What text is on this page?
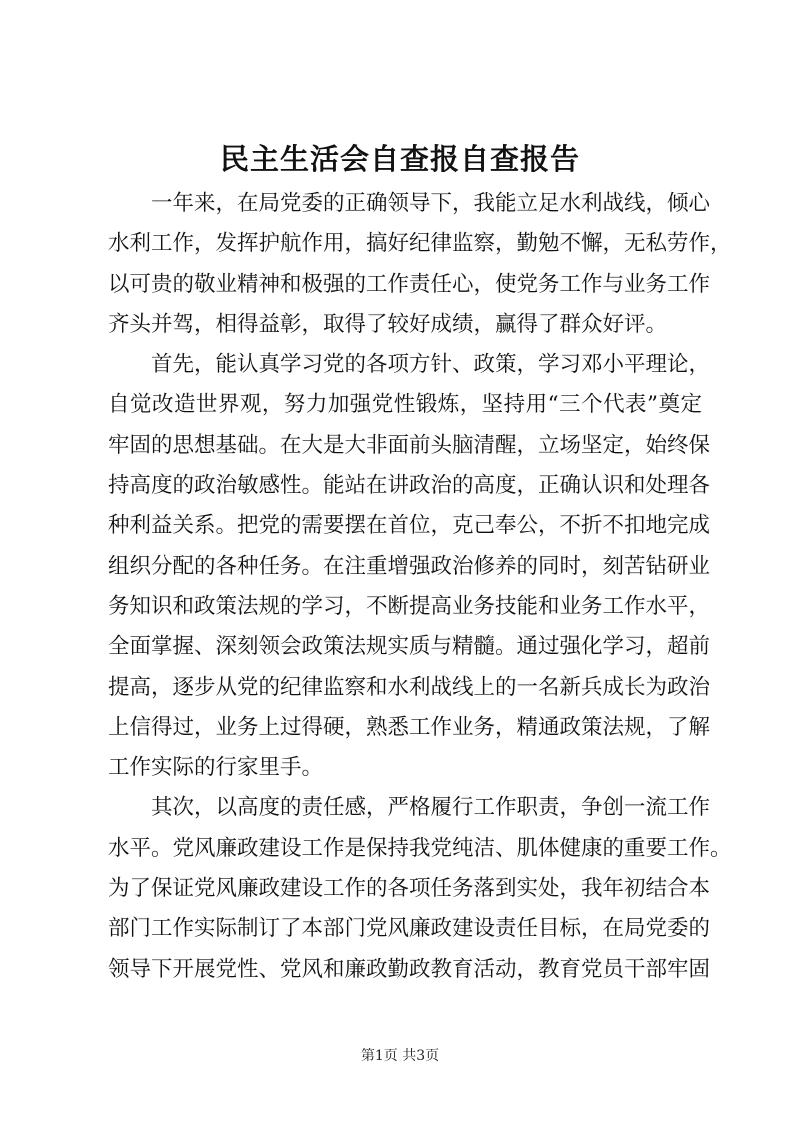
民主生活会自查报自查报告

一年来，在局党委的正确领导下，我能立足水利战线，倾心
水利工作，发挥护航作用，搞好纪律监察，勤勉不懈，无私劳作，
以可贵的敬业精神和极强的工作责任心，使党务工作与业务工作
齐头并驾，相得益彰，取得了较好成绩，赢得了群众好评。

首先，能认真学习党的各项方针、政策，学习邓小平理论，
自觉改造世界观，努力加强党性锻炼，坚持用“三个代表”奠定
牢固的思想基础。在大是大非面前头脑清醒，立场坚定，始终保
持高度的政治敏感性。能站在讲政治的高度，正确认识和处理各
种利益关系。把党的需要摆在首位，克己奉公，不折不扣地完成
组织分配的各种任务。在注重增强政治修养的同时，刻苦钻研业
务知识和政策法规的学习，不断提高业务技能和业务工作水平，
全面掌握、深刻领会政策法规实质与精髓。通过强化学习，超前
提高，逐步从党的纪律监察和水利战线上的一名新兵成长为政治
上信得过，业务上过得硬，熟悉工作业务，精通政策法规，了解
工作实际的行家里手。

其次，以高度的责任感，严格履行工作职责，争创一流工作
水平。党风廉政建设工作是保持我党纯洁、肌体健康的重要工作。
为了保证党风廉政建设工作的各项任务落到实处，我年初结合本
部门工作实际制订了本部门党风廉政建设责任目标，在局党委的
领导下开展党性、党风和廉政勤政教育活动，教育党员干部牢固

第1页 共3页
